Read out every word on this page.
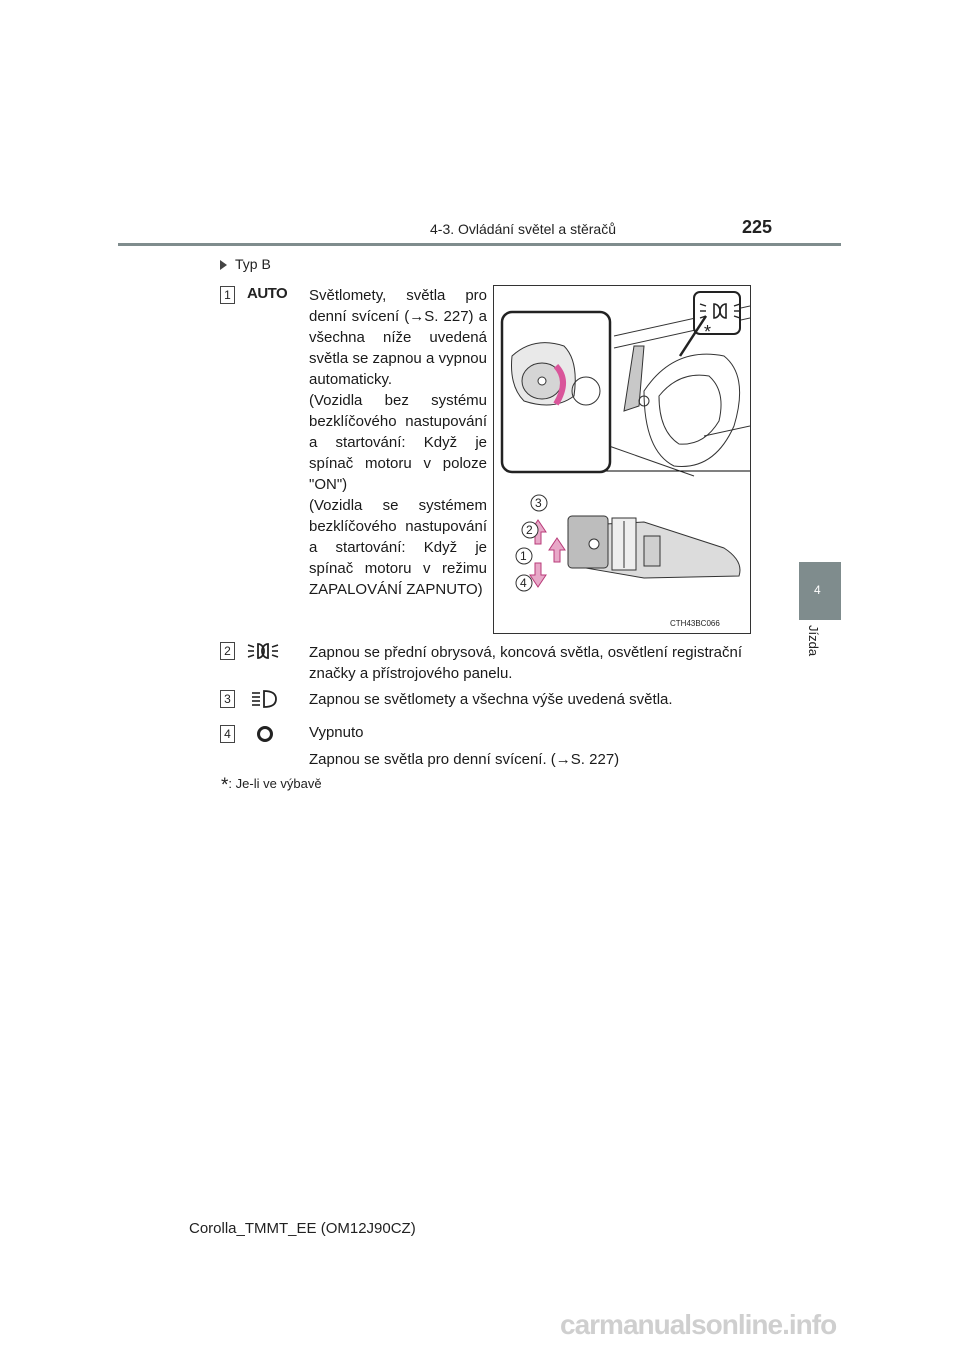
4-3. Ovládání světel a stěračů	225
4
Jízda
Typ B
1 AUTO Světlomety, světla pro denní svícení (→S. 227) a všechna níže uvedená světla se zapnou a vypnou automaticky.

(Vozidla bez systému bezklíčového nastupování a startování: Když je spínač motoru v poloze "ON")

(Vozidla se systémem bezklíčového nastupování a startování: Když je spínač motoru v režimu ZAPALOVÁNÍ ZAPNUTO)

*
3
2
1
4
CTH43BC066
2	Zapnou se přední obrysová, koncová světla, osvětlení registrační značky a přístrojového panelu.
3	Zapnou se světlomety a všechna výše uvedená světla.
4	Vypnuto

Zapnou se světla pro denní svícení. (→S. 227)

*: Je-li ve výbavě
Corolla_TMMT_EE (OM12J90CZ)
carmanualsonline.info
